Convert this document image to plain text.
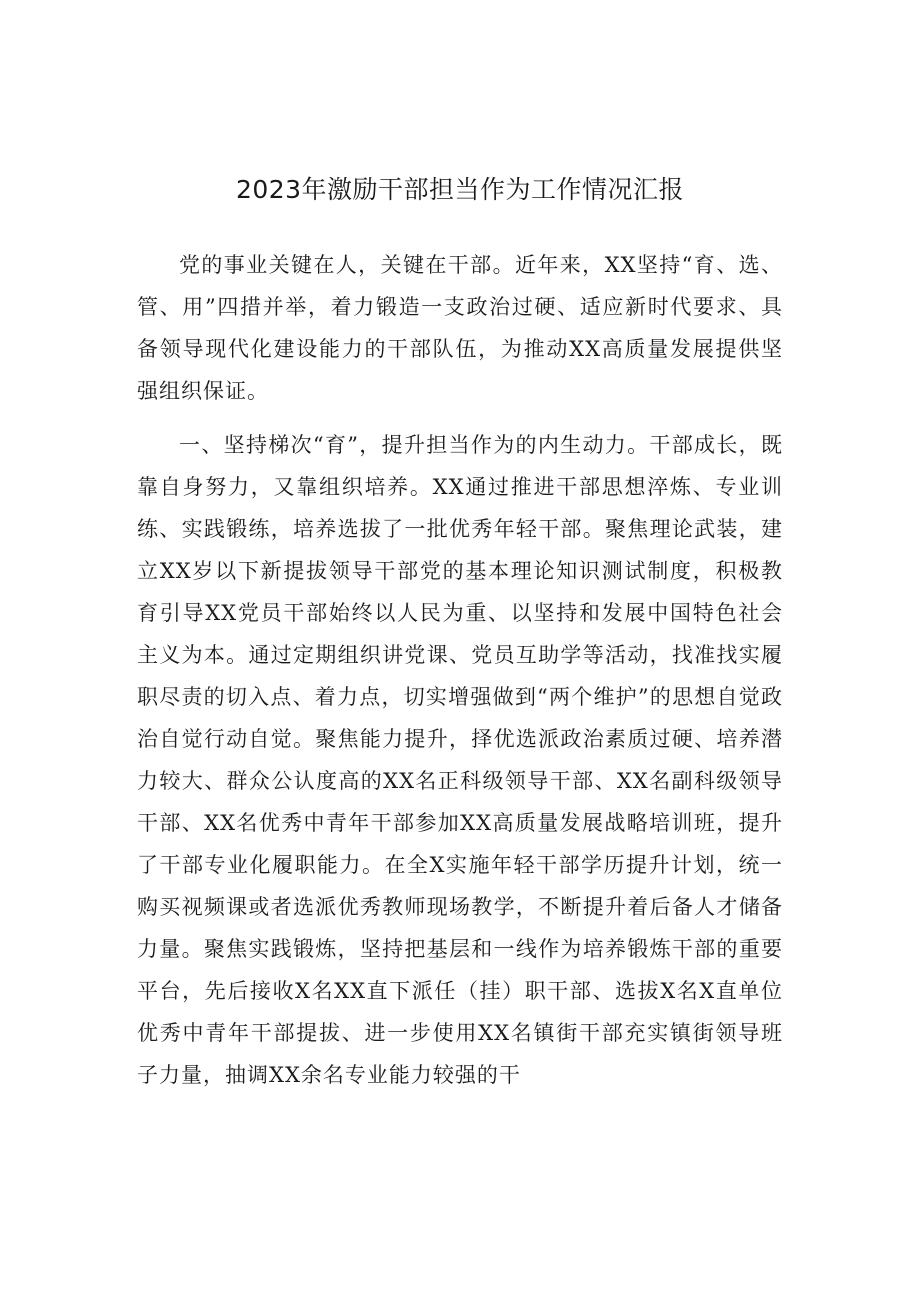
2023年激励干部担当作为工作情况汇报

党的事业关键在人，关键在干部。近年来，XX坚持“育、选、管、用”四措并举，着力锻造一支政治过硬、适应新时代要求、具备领导现代化建设能力的干部队伍，为推动XX高质量发展提供坚强组织保证。

一、坚持梯次“育”，提升担当作为的内生动力。干部成长，既靠自身努力，又靠组织培养。XX通过推进干部思想淬炼、专业训练、实践锻练，培养选拔了一批优秀年轻干部。聚焦理论武装，建立XX岁以下新提拔领导干部党的基本理论知识测试制度，积极教育引导XX党员干部始终以人民为重、以坚持和发展中国特色社会主义为本。通过定期组织讲党课、党员互助学等活动，找准找实履职尽责的切入点、着力点，切实增强做到“两个维护”的思想自觉政治自觉行动自觉。聚焦能力提升，择优选派政治素质过硬、培养潜力较大、群众公认度高的XX名正科级领导干部、XX名副科级领导干部、XX名优秀中青年干部参加XX高质量发展战略培训班，提升了干部专业化履职能力。在全X实施年轻干部学历提升计划，统一购买视频课或者选派优秀教师现场教学，不断提升着后备人才储备力量。聚焦实践锻炼，坚持把基层和一线作为培养锻炼干部的重要平台，先后接收X名XX直下派任（挂）职干部、选拔X名X直单位优秀中青年干部提拔、进一步使用XX名镇街干部充实镇街领导班子力量，抽调XX余名专业能力较强的干
